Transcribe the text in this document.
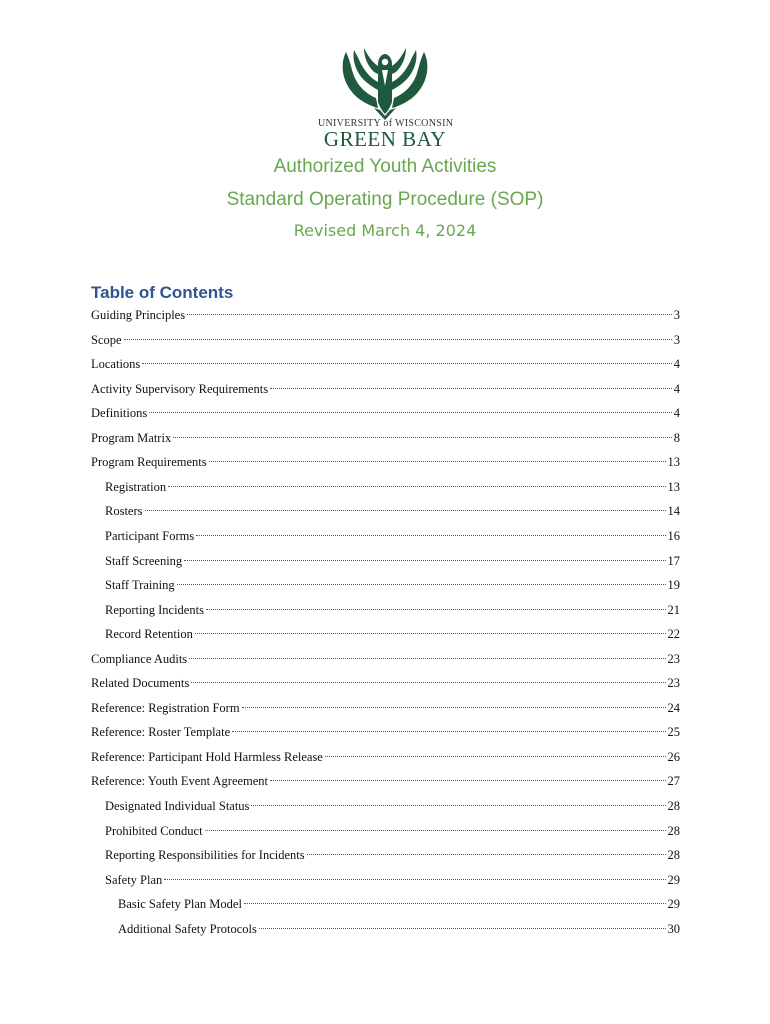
UNIVERSITY of WISCONSIN
GREEN BAY
Authorized Youth Activities
Standard Operating Procedure (SOP)
Revised March 4, 2024
Table of Contents
Guiding Principles	3
Scope	3
Locations	4
Activity Supervisory Requirements	4
Definitions	4
Program Matrix	8
Program Requirements	13
Registration	13
Rosters	14
Participant Forms	16
Staff Screening	17
Staff Training	19
Reporting Incidents	21
Record Retention	22
Compliance Audits	23
Related Documents	23
Reference: Registration Form	24
Reference: Roster Template	25
Reference: Participant Hold Harmless Release	26
Reference: Youth Event Agreement	27
Designated Individual Status	28
Prohibited Conduct	28
Reporting Responsibilities for Incidents	28
Safety Plan	29
Basic Safety Plan Model	29
Additional Safety Protocols	30
